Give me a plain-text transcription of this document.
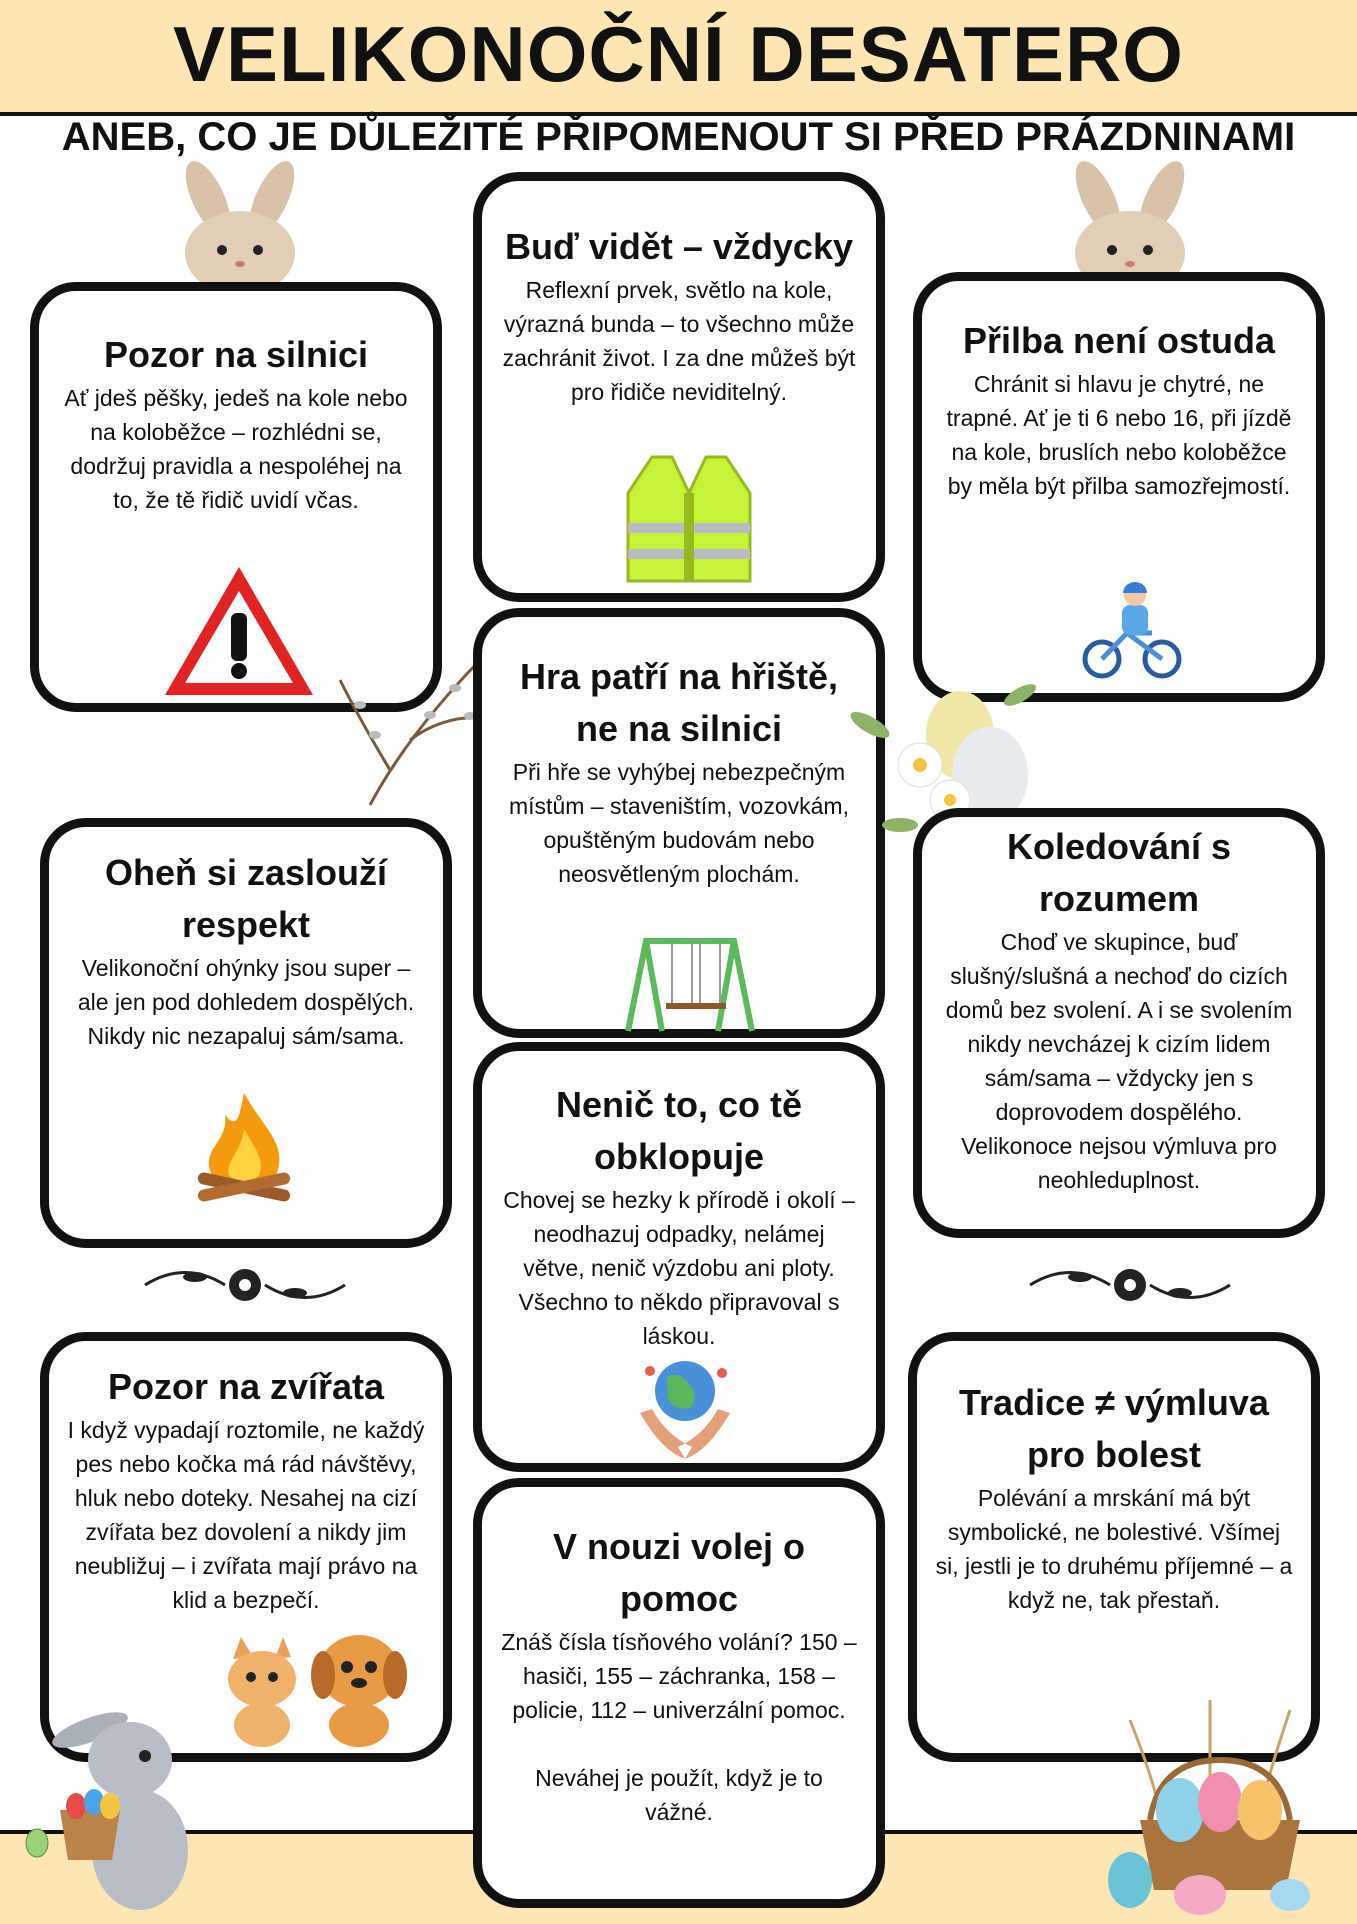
VELIKONOČNÍ DESATERO
ANEB, CO JE DŮLEŽITÉ PŘIPOMENOUT SI PŘED PRÁZDNINAMI
Pozor na silnici

Ať jdeš pěšky, jedeš na kole nebo na koloběžce – rozhlédni se, dodržuj pravidla a nespoléhej na to, že tě řidič uvidí včas.

Buď vidět – vždycky

Reflexní prvek, světlo na kole, výrazná bunda – to všechno může zachránit život. I za dne můžeš být pro řidiče neviditelný.

Přilba není ostuda

Chránit si hlavu je chytré, ne trapné. Ať je ti 6 nebo 16, při jízdě na kole, bruslích nebo koloběžce by měla být přilba samozřejmostí.

Hra patří na hřiště, ne na silnici

Při hře se vyhýbej nebezpečným místům – staveništím, vozovkám, opuštěným budovám nebo neosvětleným plochám.

Oheň si zaslouží respekt

Velikonoční ohýnky jsou super – ale jen pod dohledem dospělých. Nikdy nic nezapaluj sám/sama.

Koledování s rozumem

Choď ve skupince, buď slušný/slušná a nechoď do cizích domů bez svolení. A i se svolením nikdy nevcházej k cizím lidem sám/sama – vždycky jen s doprovodem dospělého. Velikonoce nejsou výmluva pro neohleduplnost.

Nenič to, co tě obklopuje

Chovej se hezky k přírodě i okolí – neodhazuj odpadky, nelámej větve, nenič výzdobu ani ploty. Všechno to někdo připravoval s láskou.

Pozor na zvířata

I když vypadají roztomile, ne každý pes nebo kočka má rád návštěvy, hluk nebo doteky. Nesahej na cizí zvířata bez dovolení a nikdy jim neubližuj – i zvířata mají právo na klid a bezpečí.

V nouzi volej o pomoc

Znáš čísla tísňového volání? 150 – hasiči, 155 – záchranka, 158 – policie, 112 – univerzální pomoc.

Neváhej je použít, když je to vážné.

Tradice ≠ výmluva pro bolest

Polévání a mrskání má být symbolické, ne bolestivé. Všímej si, jestli je to druhému příjemné – a když ne, tak přestaň.
